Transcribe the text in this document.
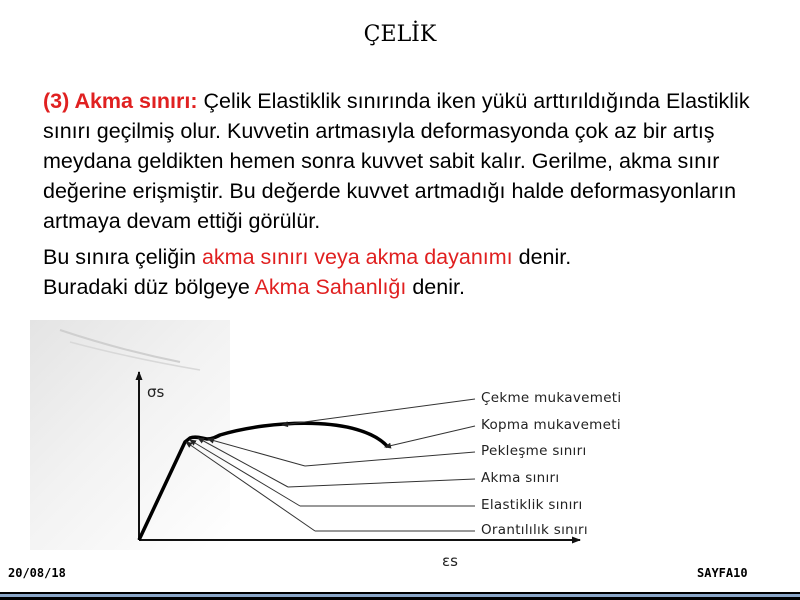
ÇELİK

(3) Akma sınırı: Çelik Elastiklik sınırında iken yükü arttırıldığında Elastiklik sınırı geçilmiş olur. Kuvvetin artmasıyla deformasyonda çok az bir artış meydana geldikten hemen sonra kuvvet sabit kalır. Gerilme, akma sınır değerine erişmiştir. Bu değerde kuvvet artmadığı halde deformasyonların artmaya devam ettiği görülür.

Bu sınıra çeliğin akma sınırı veya akma dayanımı denir.
Buradaki düz bölgeye Akma Sahanlığı denir.

σs
εs
Çekme mukavemeti
Kopma mukavemeti
Pekleşme sınırı
Akma sınırı
Elastiklik sınırı
Orantılılık sınırı
20/08/18	SAYFA10
